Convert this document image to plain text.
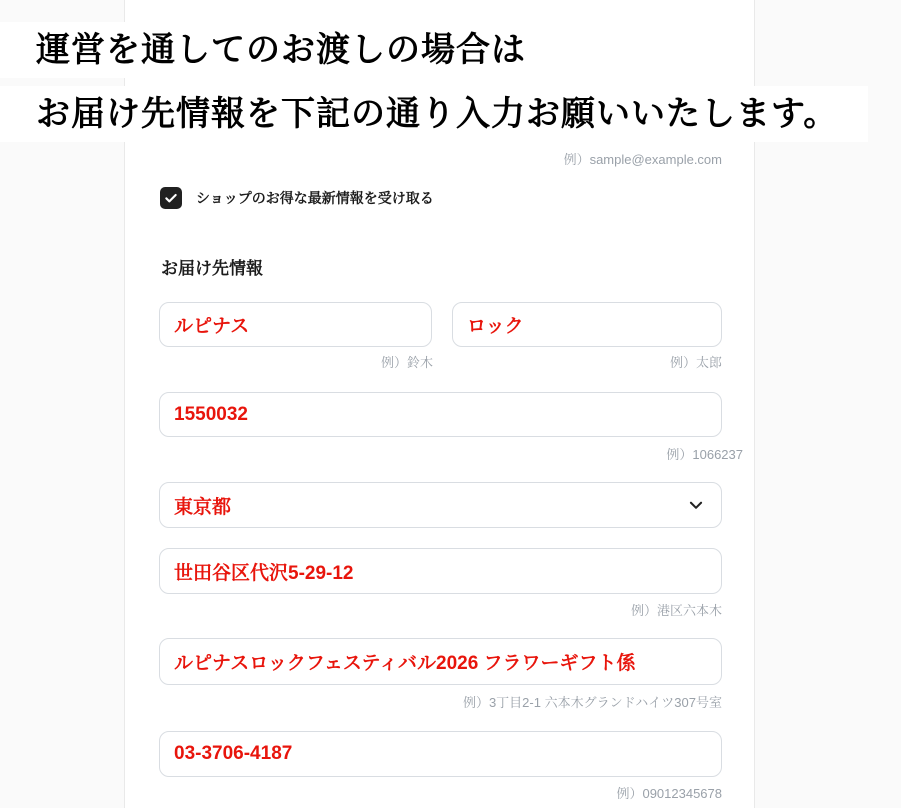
運営を通してのお渡しの場合は
お届け先情報を下記の通り入力お願いいたします。
例）sample@example.com
ショップのお得な最新情報を受け取る
お届け先情報
ルピナス
ロック
例）鈴木	例）太郎
1550032
例）1066237
東京都
世田谷区代沢5-29-12
例）港区六本木
ルピナスロックフェスティバル2026 フラワーギフト係
例）3丁目2-1 六本木グランドハイツ307号室
03-3706-4187
例）09012345678
